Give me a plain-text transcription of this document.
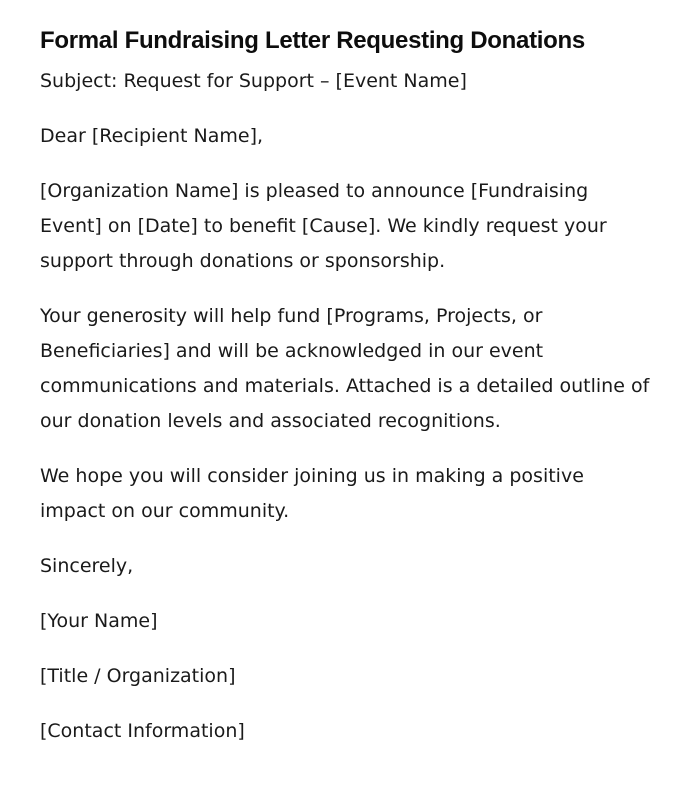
Formal Fundraising Letter Requesting Donations

Subject: Request for Support – [Event Name]

Dear [Recipient Name],

[Organization Name] is pleased to announce [Fundraising Event] on [Date] to benefit [Cause]. We kindly request your support through donations or sponsorship.

Your generosity will help fund [Programs, Projects, or Beneficiaries] and will be acknowledged in our event communications and materials. Attached is a detailed outline of our donation levels and associated recognitions.

We hope you will consider joining us in making a positive impact on our community.

Sincerely,

[Your Name]

[Title / Organization]

[Contact Information]
